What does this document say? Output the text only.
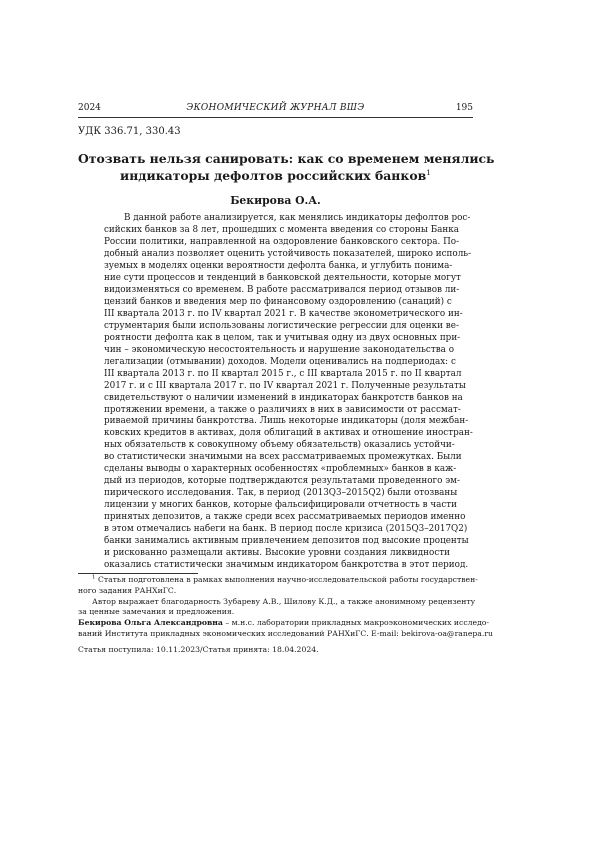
2024	ЭКОНОМИЧЕСКИЙ ЖУРНАЛ ВШЭ	195
УДК 336.71, 330.43
Отозвать нельзя санировать: как со временем менялись
индикаторы дефолтов российских банков$^1$
Бекирова О.А.
В данной работе анализируется, как менялись индикаторы дефолтов рос-
сийских банков за 8 лет, прошедших с момента введения со стороны Банка
России политики, направленной на оздоровление банковского сектора. По-
добный анализ позволяет оценить устойчивость показателей, широко исполь-
зуемых в моделях оценки вероятности дефолта банка, и углубить понима-
ние сути процессов и тенденций в банковской деятельности, которые могут
видоизменяться со временем. В работе рассматривался период отзывов ли-
цензий банков и введения мер по финансовому оздоровлению (санаций) с
III квартала 2013 г. по IV квартал 2021 г. В качестве эконометрического ин-
струментария были использованы логистические регрессии для оценки ве-
роятности дефолта как в целом, так и учитывая одну из двух основных при-
чин – экономическую несостоятельность и нарушение законодательства о
легализации (отмывании) доходов. Модели оценивались на подпериодах: с
III квартала 2013 г. по II квартал 2015 г., с III квартала 2015 г. по II квартал
2017 г. и с III квартала 2017 г. по IV квартал 2021 г. Полученные результаты
свидетельствуют о наличии изменений в индикаторах банкротств банков на
протяжении времени, а также о различиях в них в зависимости от рассмат-
риваемой причины банкротства. Лишь некоторые индикаторы (доля межбан-
ковских кредитов в активах, доля облигаций в активах и отношение иностран-
ных обязательств к совокупному объему обязательств) оказались устойчи-
во статистически значимыми на всех рассматриваемых промежутках. Были
сделаны выводы о характерных особенностях «проблемных» банков в каж-
дый из периодов, которые подтверждаются результатами проведенного эм-
пирического исследования. Так, в период (2013Q3–2015Q2) были отозваны
лицензии у многих банков, которые фальсифицировали отчетность в части
принятых депозитов, а также среди всех рассматриваемых периодов именно
в этом отмечались набеги на банк. В период после кризиса (2015Q3–2017Q2)
банки занимались активным привлечением депозитов под высокие проценты
и рискованно размещали активы. Высокие уровни создания ликвидности
оказались статистически значимым индикатором банкротства в этот период.
$^1$ Статья подготовлена в рамках выполнения научно-исследовательской работы государствен-
ного задания РАНХиГС.
Автор выражает благодарность Зубареву А.В., Шилову К.Д., а также анонимному рецензенту
за ценные замечания и предложения.
Бекирова Ольга Александровна – м.н.с. лаборатории прикладных макроэкономических исследо-
ваний Института прикладных экономических исследований РАНХиГС. E-mail: bekirova-oa@ranepa.ru
Статья поступила: 10.11.2023/Статья принята: 18.04.2024.
